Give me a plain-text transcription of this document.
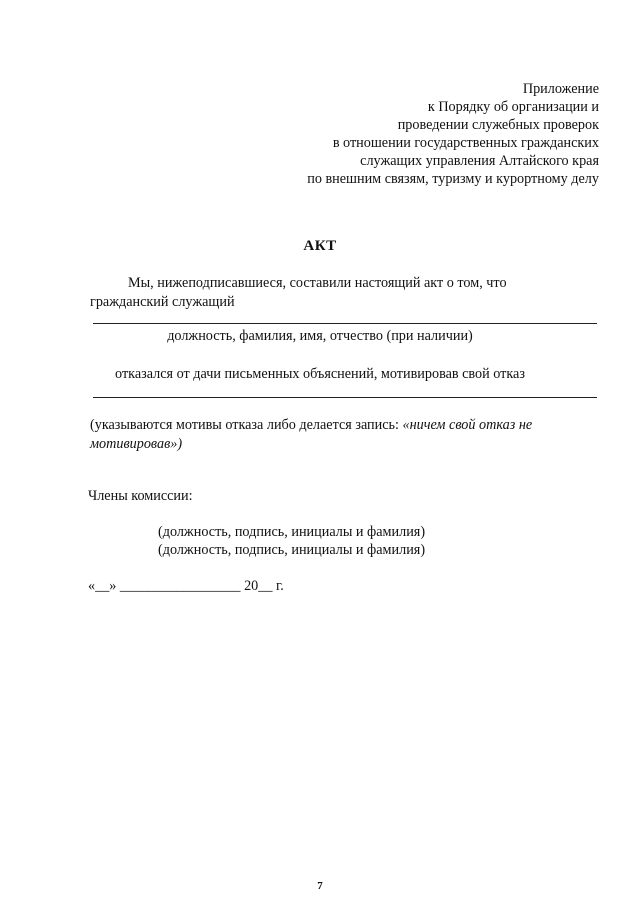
Приложение
к Порядку об организации и
проведении служебных проверок
в отношении государственных гражданских
служащих управления Алтайского края
по внешним связям, туризму и курортному делу
АКТ
Мы, нижеподписавшиеся, составили настоящий акт о том, что
гражданский служащий
должность, фамилия, имя, отчество (при наличии)
отказался от дачи письменных объяснений, мотивировав свой отказ
(указываются мотивы отказа либо делается запись: «ничем свой отказ не
мотивировав»)
Члены комиссии:
(должность, подпись, инициалы и фамилия)
(должность, подпись, инициалы и фамилия)
«__» _________________ 20__ г.
7
